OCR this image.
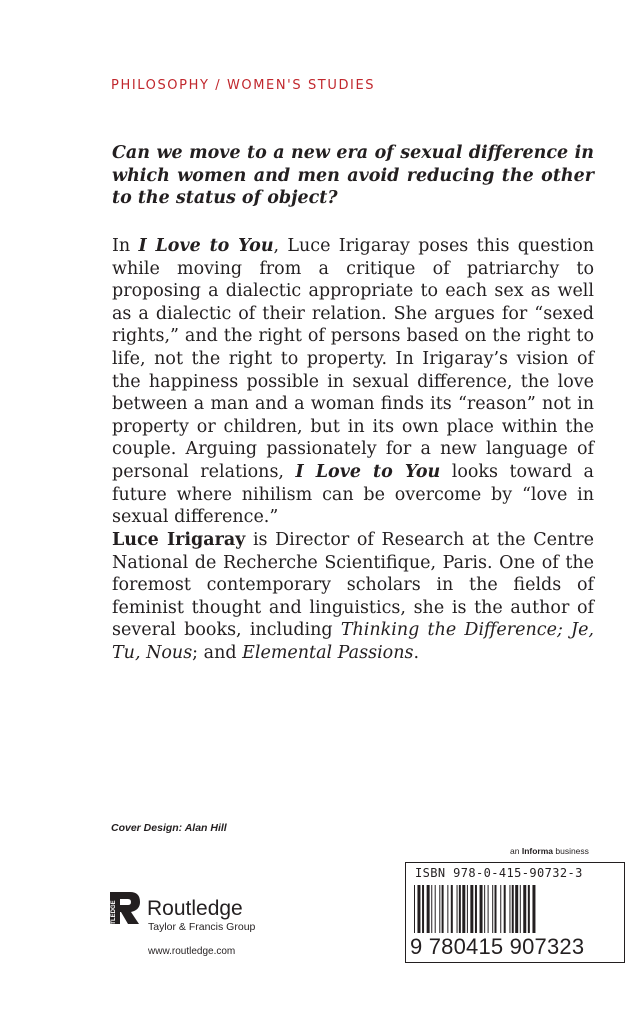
PHILOSOPHY / WOMEN'S STUDIES
Can we move to a new era of sexual difference in which women and men avoid reducing the other to the status of object?
In I Love to You, Luce Irigaray poses this question while moving from a critique of patriarchy to proposing a dialectic appropriate to each sex as well as a dialectic of their relation. She argues for “sexed rights,” and the right of persons based on the right to life, not the right to property. In Irigaray’s vision of the happiness possible in sexual difference, the love between a man and a woman finds its “reason” not in property or children, but in its own place within the couple. Arguing passionately for a new language of personal relations, I Love to You looks toward a future where nihilism can be overcome by “love in sexual difference.”
Luce Irigaray is Director of Research at the Centre National de Recherche Scientifique, Paris. One of the foremost contemporary scholars in the fields of feminist thought and linguistics, she is the author of several books, including Thinking the Difference; Je, Tu, Nous; and Elemental Passions.
Cover Design: Alan Hill
an Informa business
ISBN 978-0-415-90732-3
9 780415 907323
ROUTLEDGE Routledge
Taylor & Francis Group
www.routledge.com
